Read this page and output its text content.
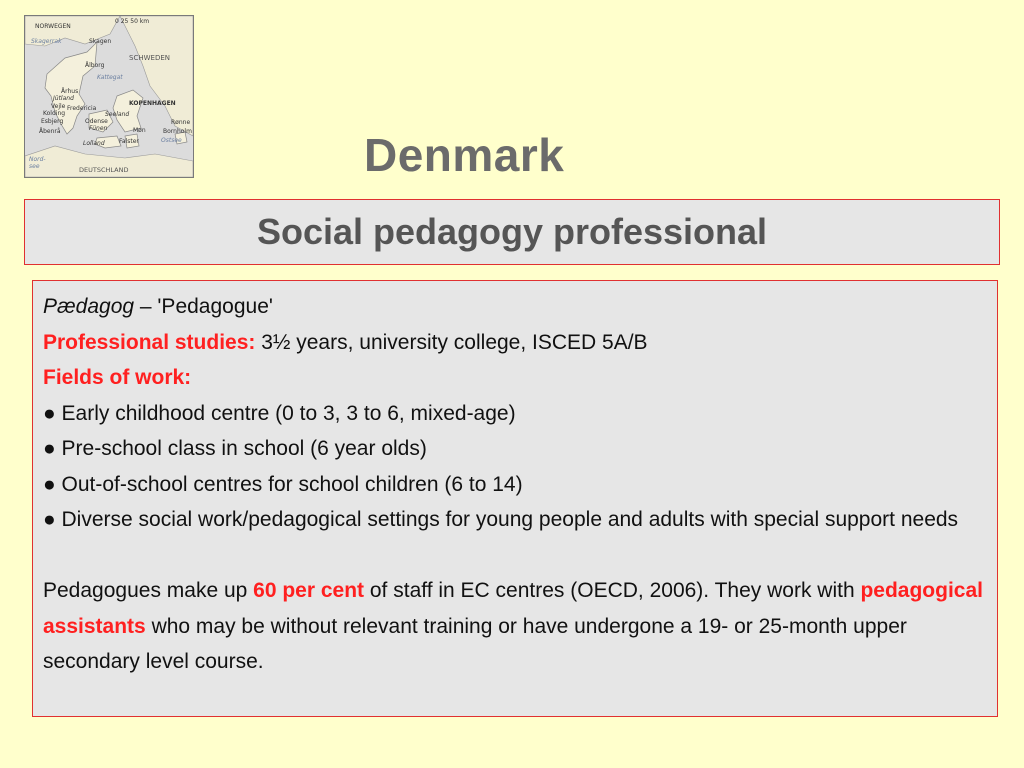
NORWEGEN
0 25 50 km
Skagerrak	Skagen
SCHWEDEN
Ålborg
Kattegat
Århus
Jütland
Vejle
Kolding
Fredericia
Esbjerg	Odense
Fünen
Seeland
KOPENHAGEN
Åbenrå	Møn	Bornholm
Rønne
Lolland Falster	Ostsee
Nord-see	DEUTSCHLAND	Denmark
Social pedagogy professional
Pædagog – 'Pedagogue'
Professional studies: 3½ years, university college, ISCED 5A/B
Fields of work:
● Early childhood centre (0 to 3, 3 to 6, mixed-age)
● Pre-school class in school (6 year olds)
● Out-of-school centres for school children (6 to 14)
● Diverse social work/pedagogical settings for young people and adults with special support needs
Pedagogues make up 60 per cent of staff in EC centres (OECD, 2006). They work with pedagogical assistants who may be without relevant training or have undergone a 19- or 25-month upper secondary level course.
